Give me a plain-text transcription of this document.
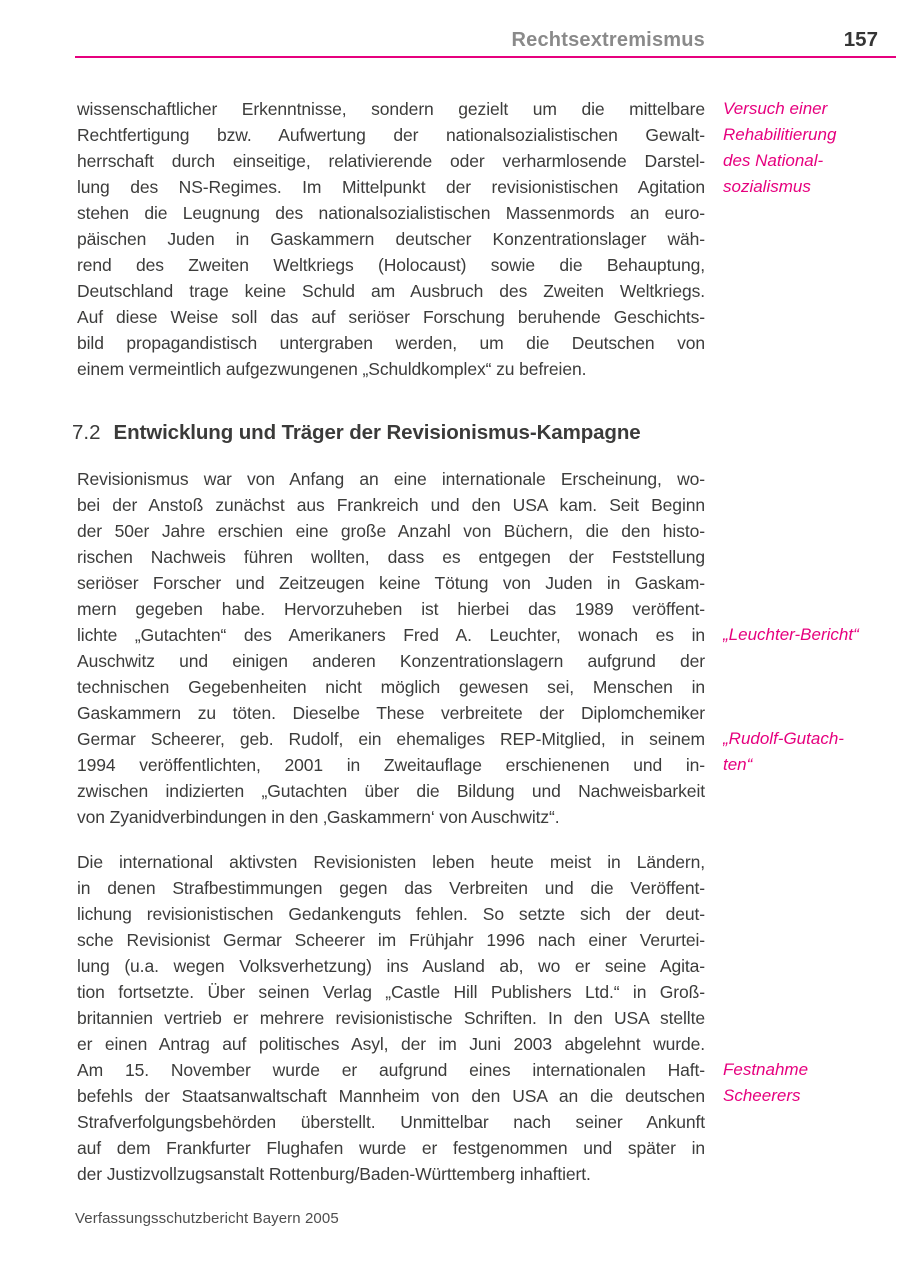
Rechtsextremismus	157
wissenschaftlicher Erkenntnisse, sondern gezielt um die mittelbare
Rechtfertigung bzw. Aufwertung der nationalsozialistischen Gewalt-
herrschaft durch einseitige, relativierende oder verharmlosende Darstel-
lung des NS-Regimes. Im Mittelpunkt der revisionistischen Agitation
stehen die Leugnung des nationalsozialistischen Massenmords an euro-
päischen Juden in Gaskammern deutscher Konzentrationslager wäh-
rend des Zweiten Weltkriegs (Holocaust) sowie die Behauptung,
Deutschland trage keine Schuld am Ausbruch des Zweiten Weltkriegs.
Auf diese Weise soll das auf seriöser Forschung beruhende Geschichts-
bild propagandistisch untergraben werden, um die Deutschen von
einem vermeintlich aufgezwungenen „Schuldkomplex“ zu befreien.
7.2 Entwicklung und Träger der Revisionismus-Kampagne
Revisionismus war von Anfang an eine internationale Erscheinung, wo-
bei der Anstoß zunächst aus Frankreich und den USA kam. Seit Beginn
der 50er Jahre erschien eine große Anzahl von Büchern, die den histo-
rischen Nachweis führen wollten, dass es entgegen der Feststellung
seriöser Forscher und Zeitzeugen keine Tötung von Juden in Gaskam-
mern gegeben habe. Hervorzuheben ist hierbei das 1989 veröffent-
lichte „Gutachten“ des Amerikaners Fred A. Leuchter, wonach es in
Auschwitz und einigen anderen Konzentrationslagern aufgrund der
technischen Gegebenheiten nicht möglich gewesen sei, Menschen in
Gaskammern zu töten. Dieselbe These verbreitete der Diplomchemiker
Germar Scheerer, geb. Rudolf, ein ehemaliges REP-Mitglied, in seinem
1994 veröffentlichten, 2001 in Zweitauflage erschienenen und in-
zwischen indizierten „Gutachten über die Bildung und Nachweisbarkeit
von Zyanidverbindungen in den ‚Gaskammern‘ von Auschwitz“.
Die international aktivsten Revisionisten leben heute meist in Ländern,
in denen Strafbestimmungen gegen das Verbreiten und die Veröffent-
lichung revisionistischen Gedankenguts fehlen. So setzte sich der deut-
sche Revisionist Germar Scheerer im Frühjahr 1996 nach einer Verurtei-
lung (u.a. wegen Volksverhetzung) ins Ausland ab, wo er seine Agita-
tion fortsetzte. Über seinen Verlag „Castle Hill Publishers Ltd.“ in Groß-
britannien vertrieb er mehrere revisionistische Schriften. In den USA stellte
er einen Antrag auf politisches Asyl, der im Juni 2003 abgelehnt wurde.
Am 15. November wurde er aufgrund eines internationalen Haft-
befehls der Staatsanwaltschaft Mannheim von den USA an die deutschen
Strafverfolgungsbehörden überstellt. Unmittelbar nach seiner Ankunft
auf dem Frankfurter Flughafen wurde er festgenommen und später in
der Justizvollzugsanstalt Rottenburg/Baden-Württemberg inhaftiert.
Versuch einer
Rehabilitierung
des National-
sozialismus
„Leuchter-Bericht“
„Rudolf-Gutach-
ten“
Festnahme
Scheerers
Verfassungsschutzbericht Bayern 2005
